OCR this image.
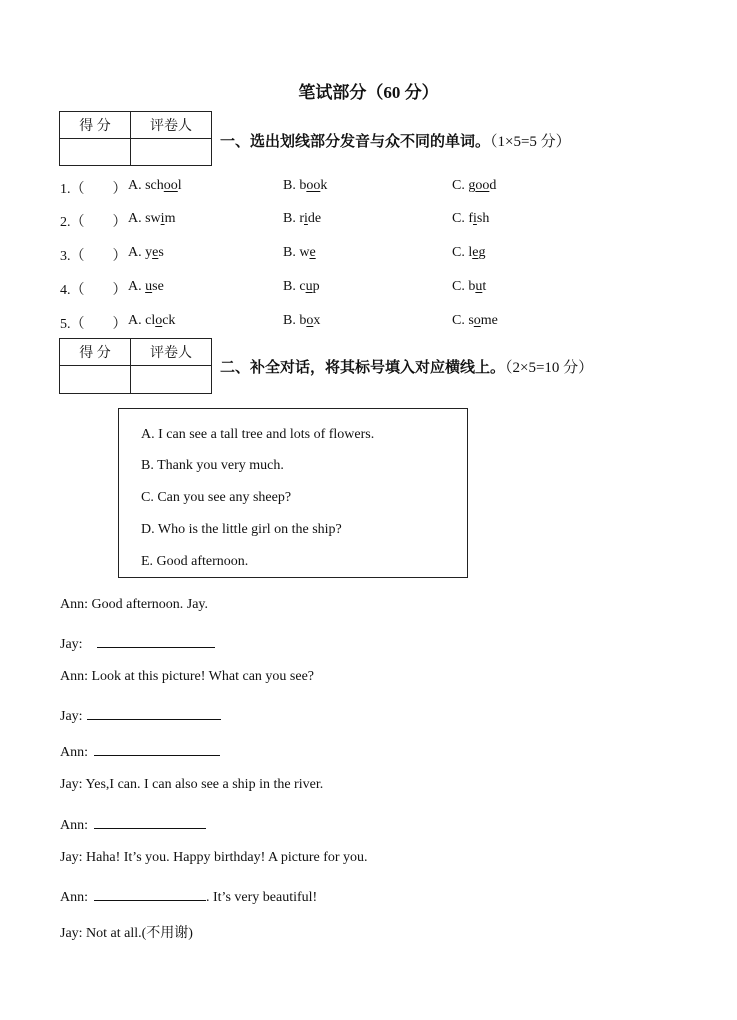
笔试部分（60 分）
得 分	评卷人

一、选出划线部分发音与众不同的单词。（1×5=5 分）
1.（ ） A. school	B. book	C. good
2.（ ） A. swim	B. ride	C. fish
3.（ ） A. yes	B. we	C. leg
4.（ ） A. use	B. cup	C. but
5.（ ） A. clock	B. box	C. some
得 分	评卷人

二、补全对话，将其标号填入对应横线上。（2×5=10 分）
A. I can see a tall tree and lots of flowers.
B. Thank you very much.
C. Can you see any sheep?
D. Who is the little girl on the ship?
E. Good afternoon.
Ann: Good afternoon. Jay.
Jay:
Ann: Look at this picture! What can you see?
Jay:
Ann:
Jay: Yes,I can. I can also see a ship in the river.
Ann:
Jay: Haha! It’s you. Happy birthday! A picture for you.
Ann:	. It’s very beautiful!
Jay: Not at all.(不用谢)
